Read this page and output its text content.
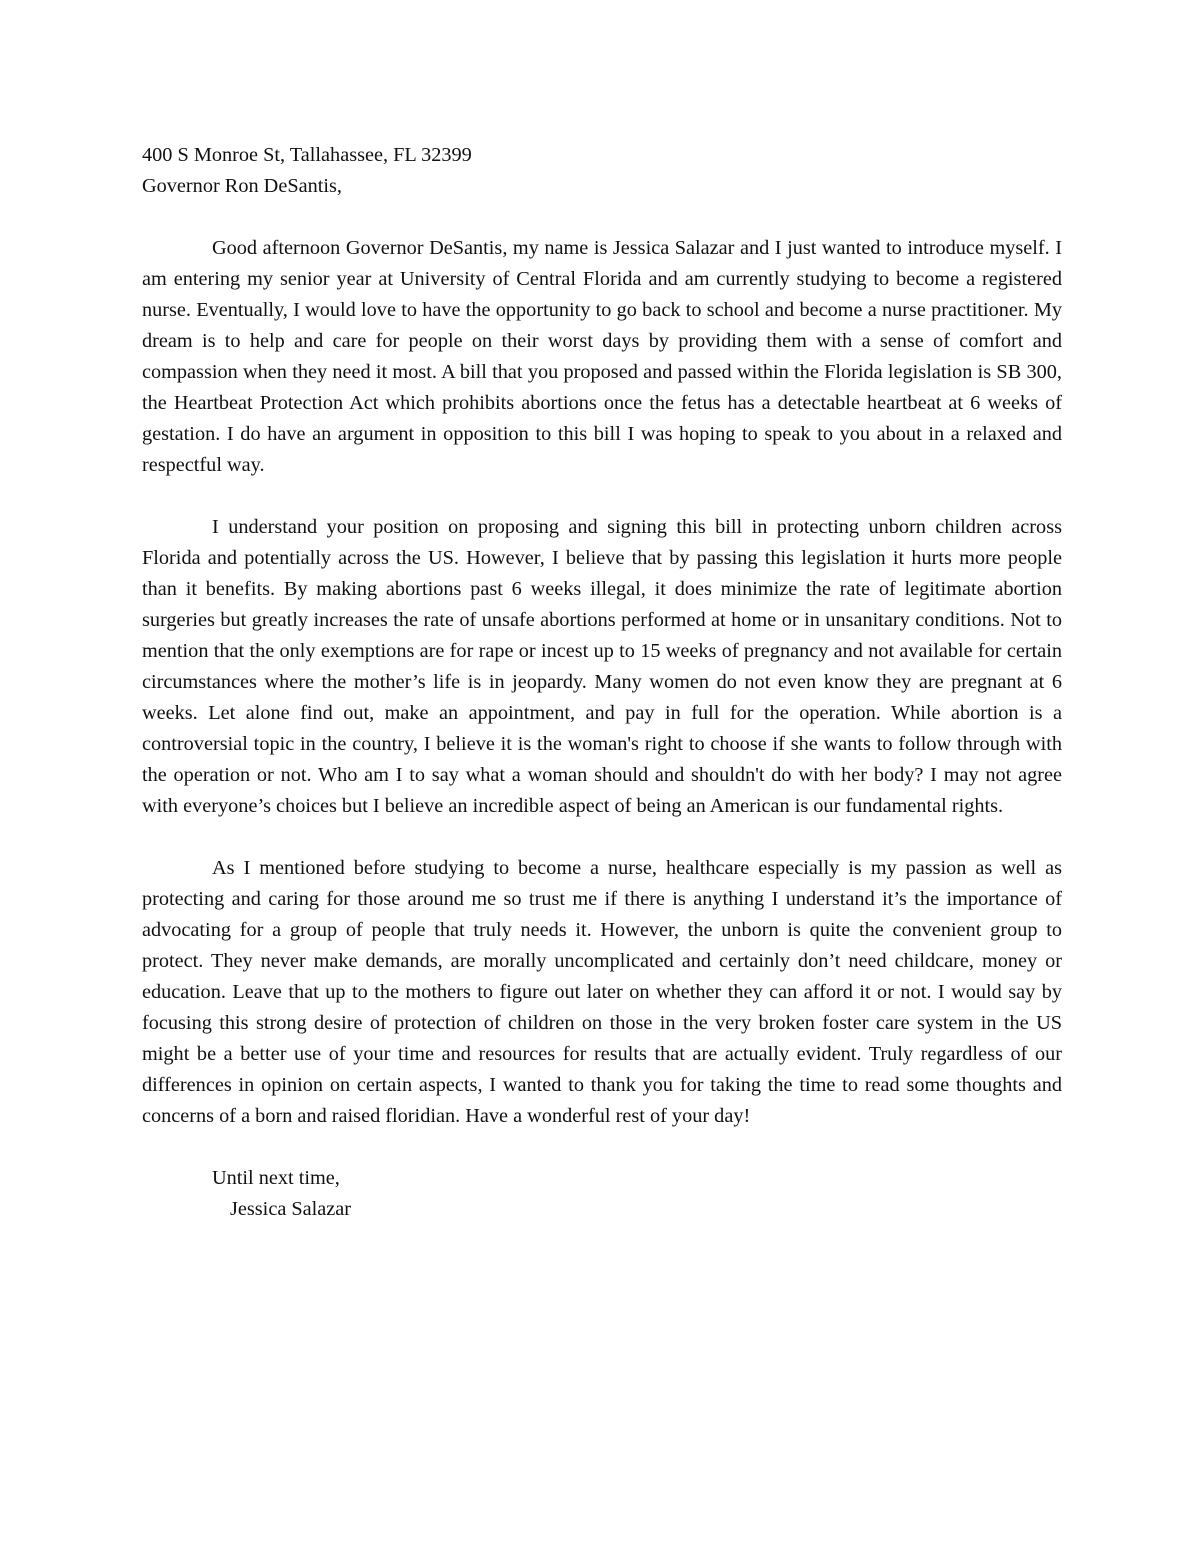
400 S Monroe St, Tallahassee, FL 32399

Governor Ron DeSantis,

Good afternoon Governor DeSantis, my name is Jessica Salazar and I just wanted to introduce myself. I am entering my senior year at University of Central Florida and am currently studying to become a registered nurse. Eventually, I would love to have the opportunity to go back to school and become a nurse practitioner. My dream is to help and care for people on their worst days by providing them with a sense of comfort and compassion when they need it most. A bill that you proposed and passed within the Florida legislation is SB 300, the Heartbeat Protection Act which prohibits abortions once the fetus has a detectable heartbeat at 6 weeks of gestation. I do have an argument in opposition to this bill I was hoping to speak to you about in a relaxed and respectful way.

I understand your position on proposing and signing this bill in protecting unborn children across Florida and potentially across the US. However, I believe that by passing this legislation it hurts more people than it benefits. By making abortions past 6 weeks illegal, it does minimize the rate of legitimate abortion surgeries but greatly increases the rate of unsafe abortions performed at home or in unsanitary conditions. Not to mention that the only exemptions are for rape or incest up to 15 weeks of pregnancy and not available for certain circumstances where the mother’s life is in jeopardy. Many women do not even know they are pregnant at 6 weeks. Let alone find out, make an appointment, and pay in full for the operation. While abortion is a controversial topic in the country, I believe it is the woman's right to choose if she wants to follow through with the operation or not. Who am I to say what a woman should and shouldn't do with her body? I may not agree with everyone’s choices but I believe an incredible aspect of being an American is our fundamental rights.

As I mentioned before studying to become a nurse, healthcare especially is my passion as well as protecting and caring for those around me so trust me if there is anything I understand it’s the importance of advocating for a group of people that truly needs it. However, the unborn is quite the convenient group to protect. They never make demands, are morally uncomplicated and certainly don’t need childcare, money or education. Leave that up to the mothers to figure out later on whether they can afford it or not. I would say by focusing this strong desire of protection of children on those in the very broken foster care system in the US might be a better use of your time and resources for results that are actually evident. Truly regardless of our differences in opinion on certain aspects, I wanted to thank you for taking the time to read some thoughts and concerns of a born and raised floridian. Have a wonderful rest of your day!

Until next time,

Jessica Salazar
